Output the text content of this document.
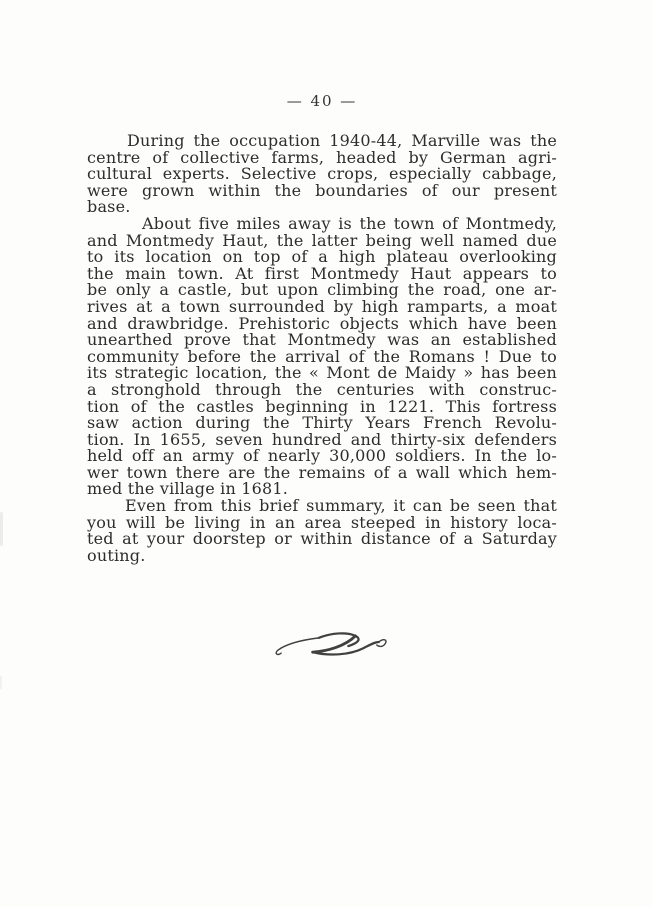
— 40 —
During the occupation 1940-44, Marville was the
centre of collective farms, headed by German agri-
cultural experts. Selective crops, especially cabbage,
were grown within the boundaries of our present
base.
About five miles away is the town of Montmedy,
and Montmedy Haut, the latter being well named due
to its location on top of a high plateau overlooking
the main town. At first Montmedy Haut appears to
be only a castle, but upon climbing the road, one ar-
rives at a town surrounded by high ramparts, a moat
and drawbridge. Prehistoric objects which have been
unearthed prove that Montmedy was an established
community before the arrival of the Romans ! Due to
its strategic location, the « Mont de Maidy » has been
a stronghold through the centuries with construc-
tion of the castles beginning in 1221. This fortress
saw action during the Thirty Years French Revolu-
tion. In 1655, seven hundred and thirty-six defenders
held off an army of nearly 30,000 soldiers. In the lo-
wer town there are the remains of a wall which hem-
med the village in 1681.
Even from this brief summary, it can be seen that
you will be living in an area steeped in history loca-
ted at your doorstep or within distance of a Saturday
outing.
